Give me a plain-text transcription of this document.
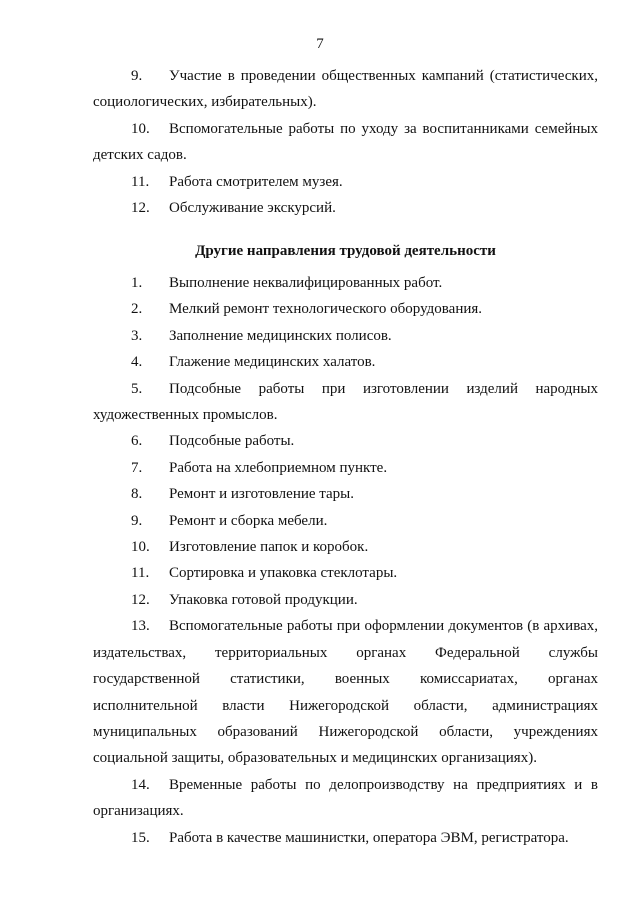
7

9. Участие в проведении общественных кампаний (статистических, социологических, избирательных).

10. Вспомогательные работы по уходу за воспитанниками семейных детских садов.

11. Работа смотрителем музея.

12. Обслуживание экскурсий.

Другие направления трудовой деятельности

1. Выполнение неквалифицированных работ.

2. Мелкий ремонт технологического оборудования.

3. Заполнение медицинских полисов.

4. Глажение медицинских халатов.

5. Подсобные работы при изготовлении изделий народных художественных промыслов.

6. Подсобные работы.

7. Работа на хлебоприемном пункте.

8. Ремонт и изготовление тары.

9. Ремонт и сборка мебели.

10. Изготовление папок и коробок.

11. Сортировка и упаковка стеклотары.

12. Упаковка готовой продукции.

13. Вспомогательные работы при оформлении документов (в архивах, издательствах, территориальных органах Федеральной службы государственной статистики, военных комиссариатах, органах исполнительной власти Нижегородской области, администрациях муниципальных образований Нижегородской области, учреждениях социальной защиты, образовательных и медицинских организациях).

14. Временные работы по делопроизводству на предприятиях и в организациях.

15. Работа в качестве машинистки, оператора ЭВМ, регистратора.
